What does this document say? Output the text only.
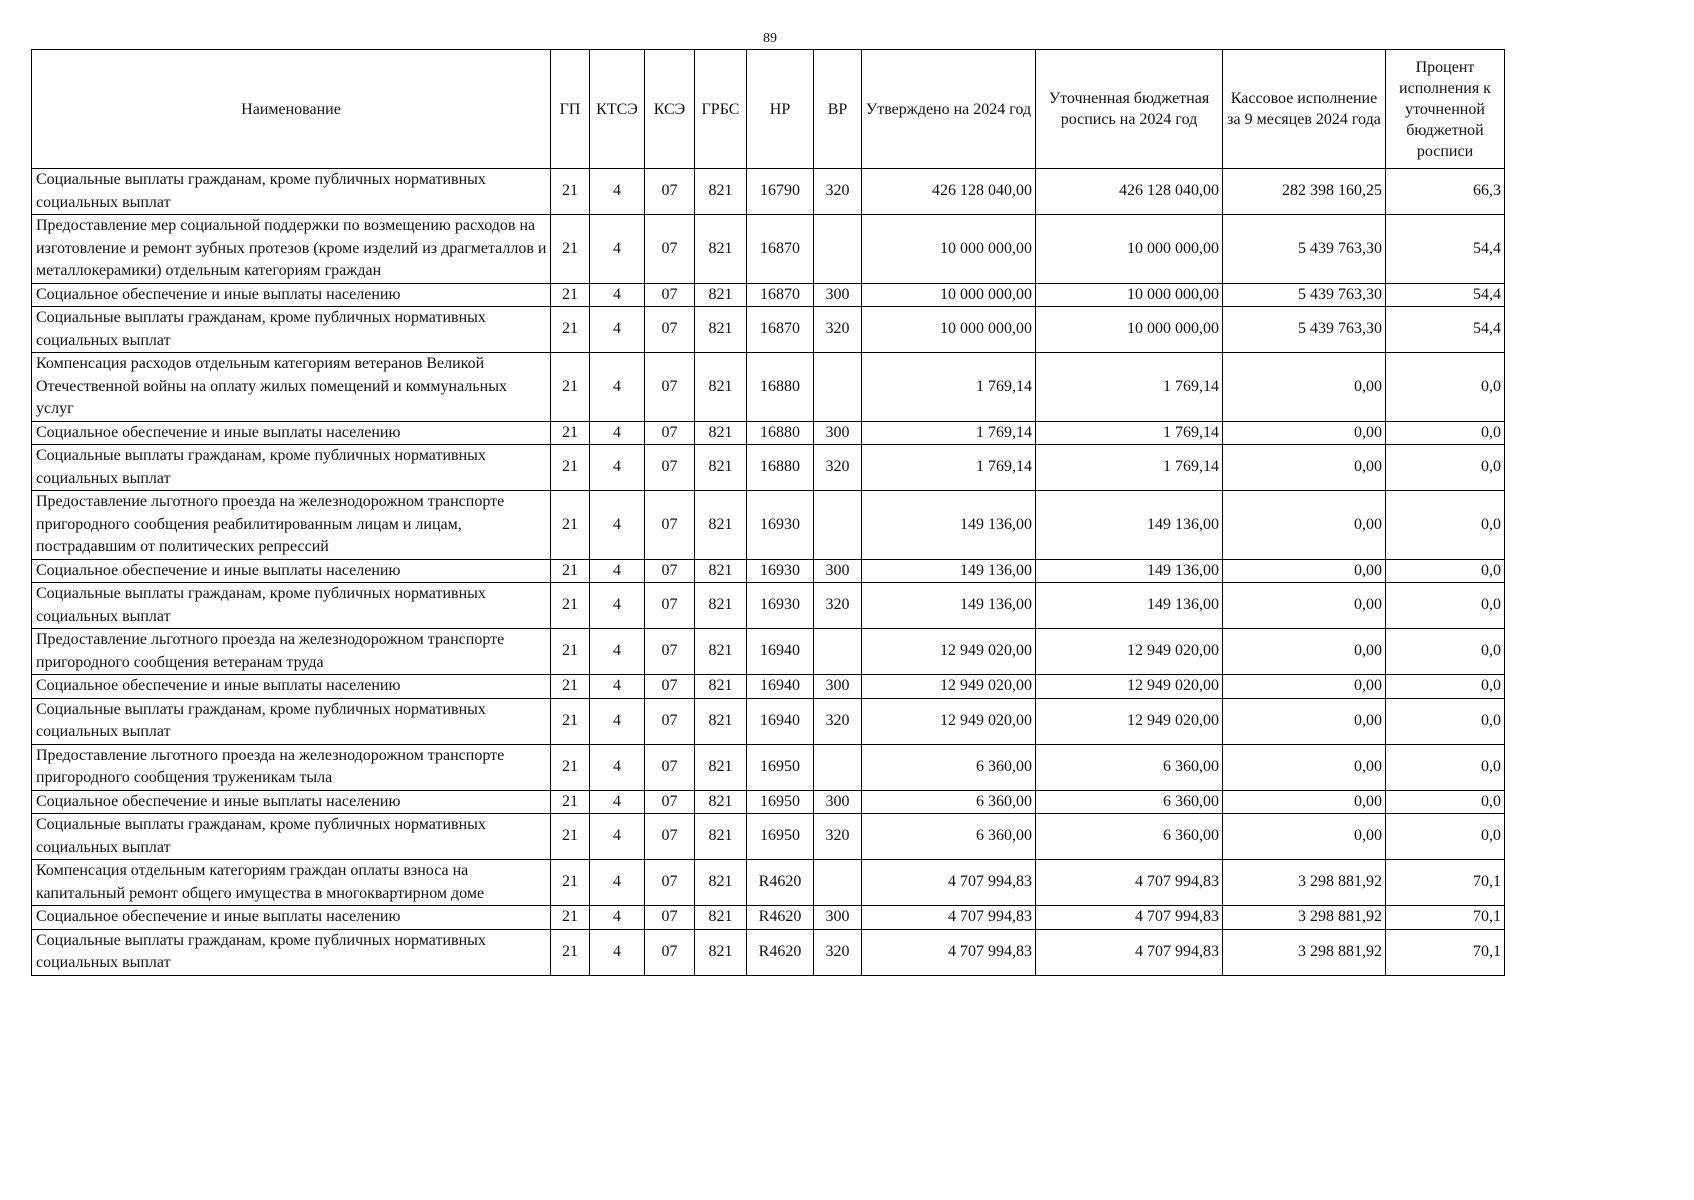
89
Наименование	ГП	КТСЭ	КСЭ	ГРБС	НР	ВР	Утверждено на 2024 год	Уточненная бюджетная роспись на 2024 год	Кассовое исполнение за 9 месяцев 2024 года	Процент исполнения к уточненной бюджетной росписи
Социальные выплаты гражданам, кроме публичных нормативных социальных выплат	21	4	07	821	16790	320	426 128 040,00	426 128 040,00	282 398 160,25	66,3
Предоставление мер социальной поддержки по возмещению расходов на изготовление и ремонт зубных протезов (кроме изделий из драгметаллов и металлокерамики) отдельным категориям граждан	21	4	07	821	16870		10 000 000,00	10 000 000,00	5 439 763,30	54,4
Социальное обеспечение и иные выплаты населению	21	4	07	821	16870	300	10 000 000,00	10 000 000,00	5 439 763,30	54,4
Социальные выплаты гражданам, кроме публичных нормативных социальных выплат	21	4	07	821	16870	320	10 000 000,00	10 000 000,00	5 439 763,30	54,4
Компенсация расходов отдельным категориям ветеранов Великой Отечественной войны на оплату жилых помещений и коммунальных услуг	21	4	07	821	16880		1 769,14	1 769,14	0,00	0,0
Социальное обеспечение и иные выплаты населению	21	4	07	821	16880	300	1 769,14	1 769,14	0,00	0,0
Социальные выплаты гражданам, кроме публичных нормативных социальных выплат	21	4	07	821	16880	320	1 769,14	1 769,14	0,00	0,0
Предоставление льготного проезда на железнодорожном транспорте пригородного сообщения реабилитированным лицам и лицам, пострадавшим от политических репрессий	21	4	07	821	16930		149 136,00	149 136,00	0,00	0,0
Социальное обеспечение и иные выплаты населению	21	4	07	821	16930	300	149 136,00	149 136,00	0,00	0,0
Социальные выплаты гражданам, кроме публичных нормативных социальных выплат	21	4	07	821	16930	320	149 136,00	149 136,00	0,00	0,0
Предоставление льготного проезда на железнодорожном транспорте пригородного сообщения ветеранам труда	21	4	07	821	16940		12 949 020,00	12 949 020,00	0,00	0,0
Социальное обеспечение и иные выплаты населению	21	4	07	821	16940	300	12 949 020,00	12 949 020,00	0,00	0,0
Социальные выплаты гражданам, кроме публичных нормативных социальных выплат	21	4	07	821	16940	320	12 949 020,00	12 949 020,00	0,00	0,0
Предоставление льготного проезда на железнодорожном транспорте пригородного сообщения труженикам тыла	21	4	07	821	16950		6 360,00	6 360,00	0,00	0,0
Социальное обеспечение и иные выплаты населению	21	4	07	821	16950	300	6 360,00	6 360,00	0,00	0,0
Социальные выплаты гражданам, кроме публичных нормативных социальных выплат	21	4	07	821	16950	320	6 360,00	6 360,00	0,00	0,0
Компенсация отдельным категориям граждан оплаты взноса на капитальный ремонт общего имущества в многоквартирном доме	21	4	07	821	R4620		4 707 994,83	4 707 994,83	3 298 881,92	70,1
Социальное обеспечение и иные выплаты населению	21	4	07	821	R4620	300	4 707 994,83	4 707 994,83	3 298 881,92	70,1
Социальные выплаты гражданам, кроме публичных нормативных социальных выплат	21	4	07	821	R4620	320	4 707 994,83	4 707 994,83	3 298 881,92	70,1
